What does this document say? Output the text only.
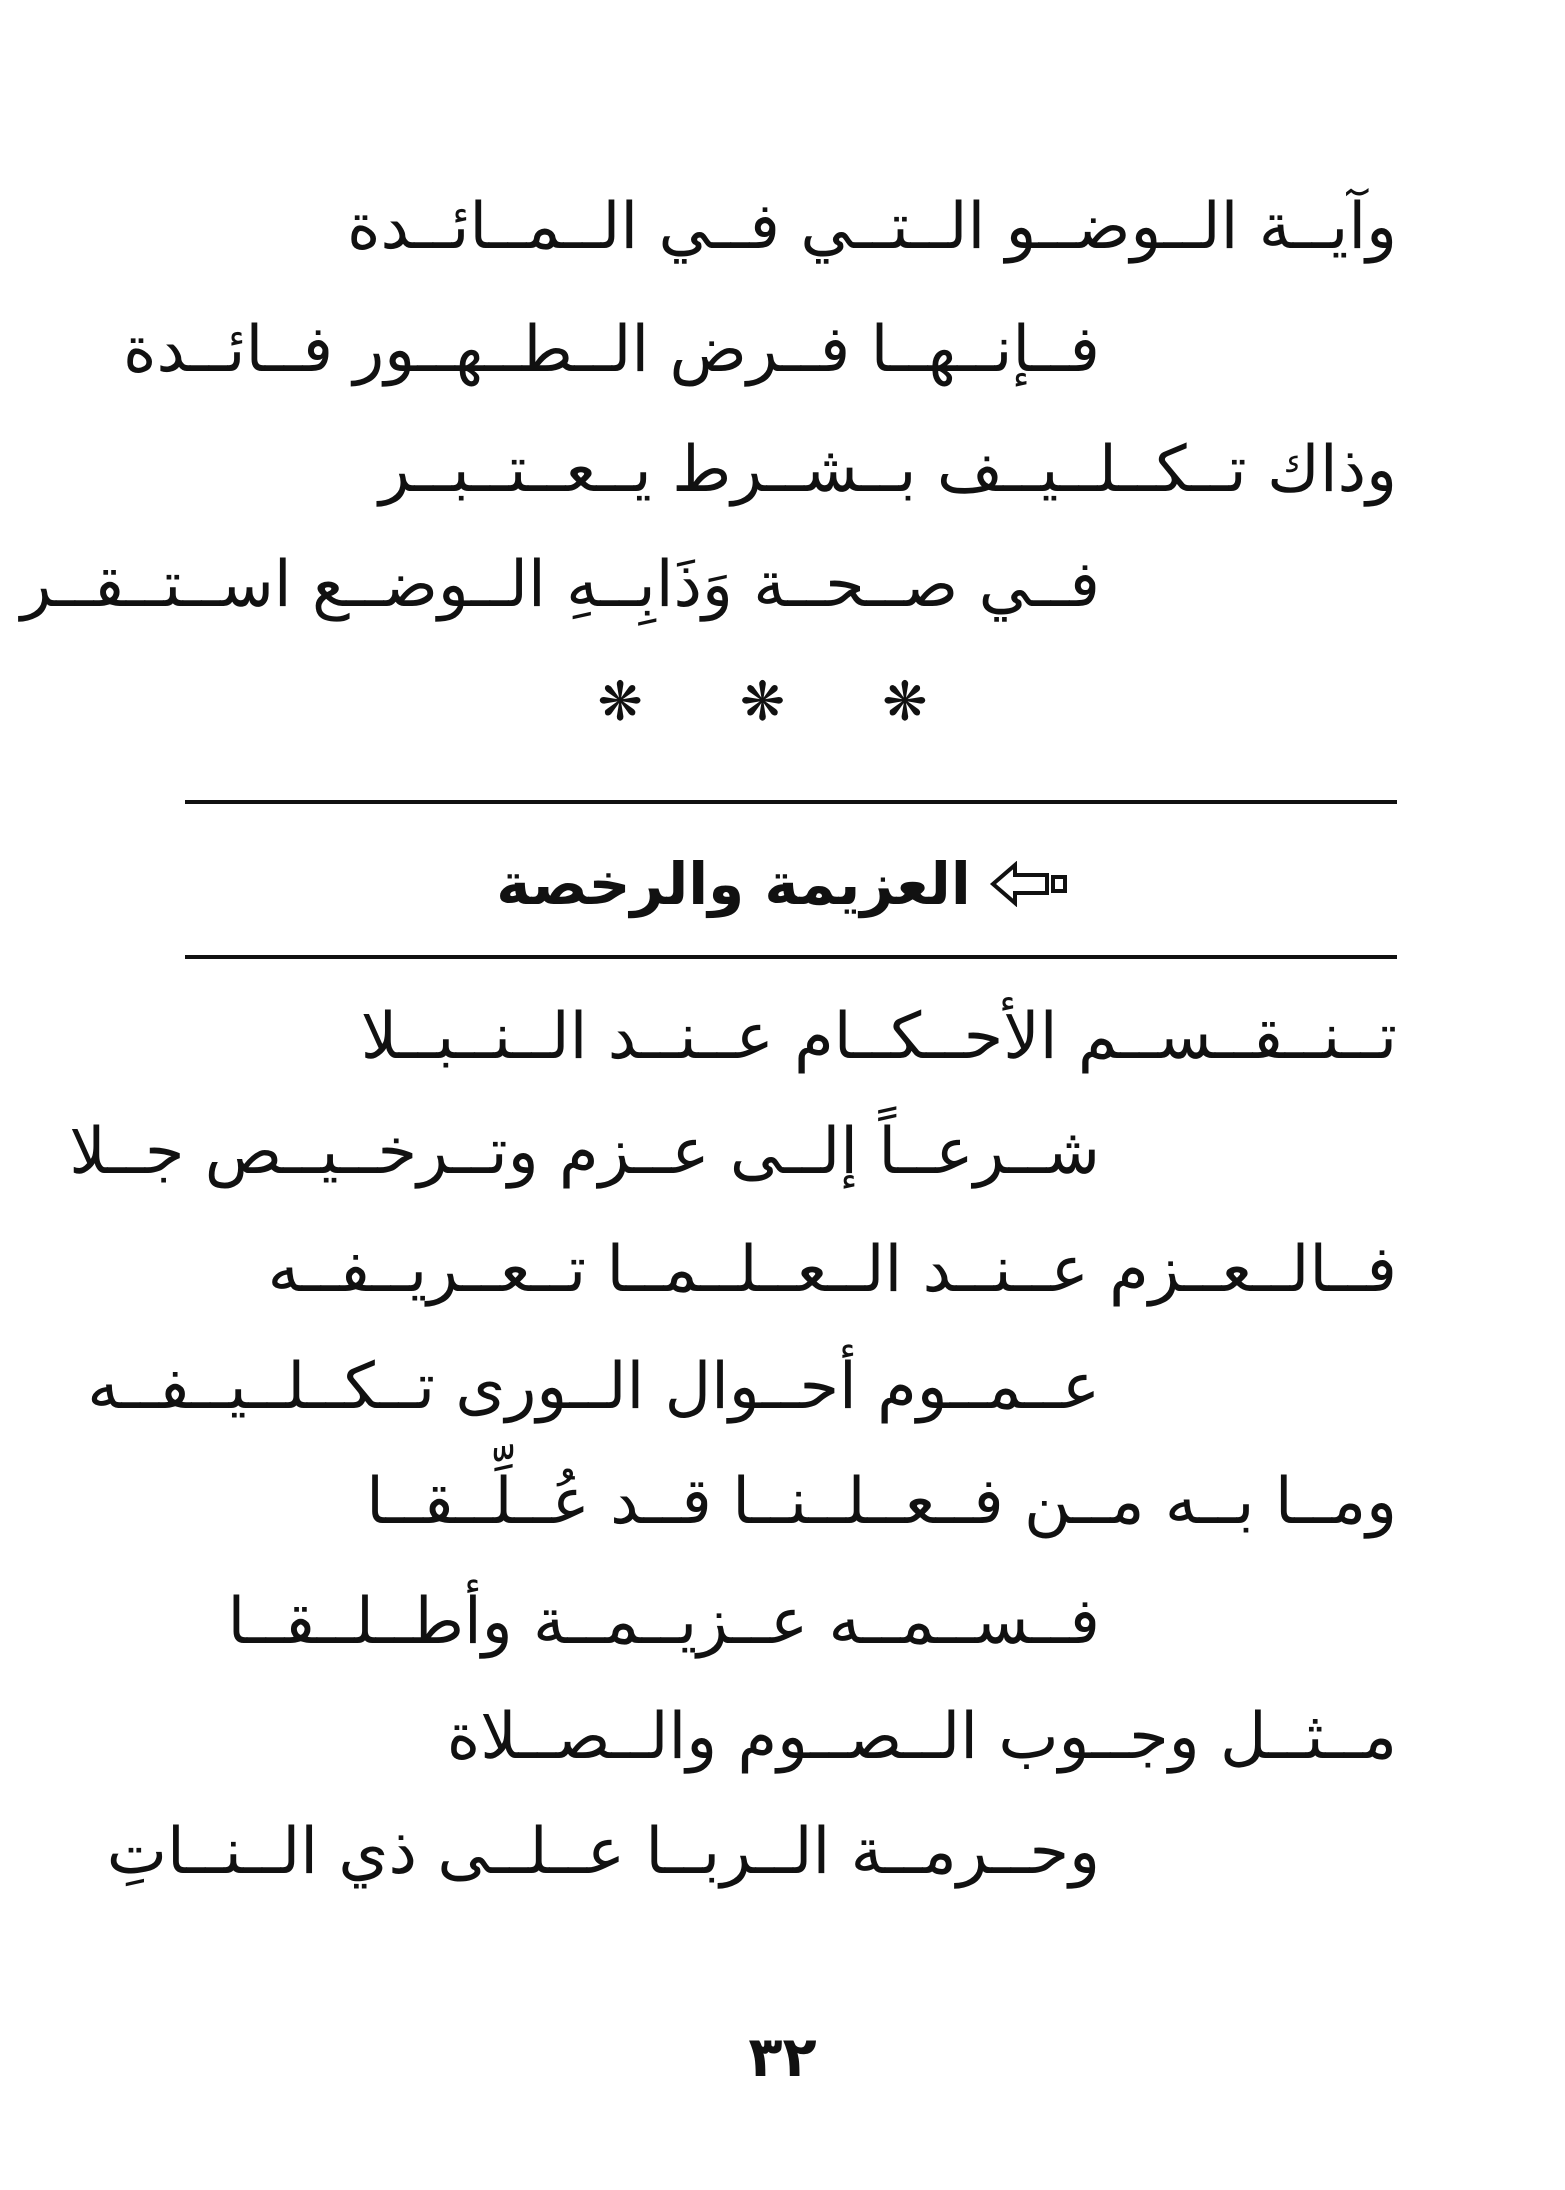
وآيــة الــوضــو الــتــي فــي الــمــائــدة
فــإنــهــا فــرض الــطــهــور فــائــدة
وذاك تــكــلــيــف بــشــرط يــعــتــبــر
فــي صــحــة وَذَابِــهِ الــوضــع اســتــقــر
❋ ❋ ❋
العزيمة والرخصة
تــنــقــســم الأحــكــام عــنــد الــنــبــلا
شــرعــاً إلــى عــزم وتــرخــيــص جــلا
فــالــعــزم عــنــد الــعــلــمــا تــعــريــفــه
عــمــوم أحــوال الــورى تــكــلــيــفــه
ومــا بــه مــن فــعــلــنــا قــد عُــلِّــقــا
فــســمــه عــزيــمــة وأطــلــقــا
مــثــل وجــوب الــصــوم والــصــلاة
وحــرمــة الــربــا عــلــى ذي الــنــاتِ
٣٢
